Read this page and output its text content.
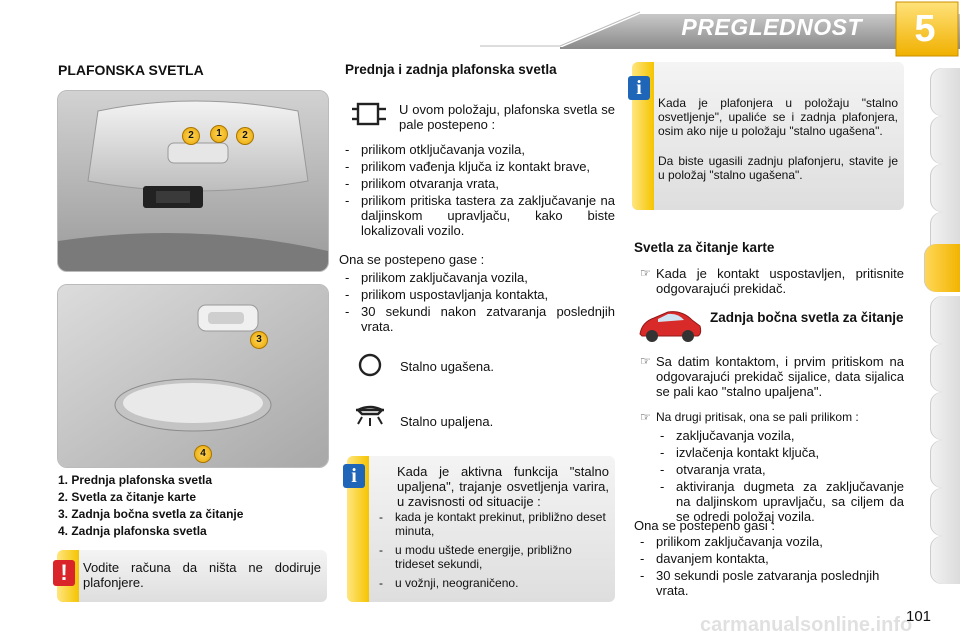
PREGLEDNOST	5
PLAFONSKA SVETLA
2	1	2
3
4
1. Prednja plafonska svetla
2. Svetla za čitanje karte
3. Zadnja bočna svetla za čitanje
4. Zadnja plafonska svetla
!	Vodite računa da ništa ne dodiruje plafonjere.
Prednja i zadnja plafonska svetla
U ovom položaju, plafonska svetla se pale postepeno :
- prilikom otključavanja vozila,
- prilikom vađenja ključa iz kontakt brave,
- prilikom otvaranja vrata,
- prilikom pritiska tastera za zaključavanje na daljinskom upravljaču, kako biste lokalizovali vozilo.
Ona se postepeno gase :
- prilikom zaključavanja vozila,
- prilikom uspostavljanja kontakta,
- 30 sekundi nakon zatvaranja poslednjih vrata.
Stalno ugašena.
Stalno upaljena.
i	Kada je aktivna funkcija "stalno upaljena", trajanje osvetljenja varira, u zavisnosti od situacije :
- kada je kontakt prekinut, približno deset minuta,
- u modu uštede energije, približno trideset sekundi,
- u vožnji, neograničeno.
i
Kada je plafonjera u položaju "stalno osvetljenje", upaliće se i zadnja plafonjera, osim ako nije u položaju "stalno ugašena".
Da biste ugasili zadnju plafonjeru, stavite je u položaj "stalno ugašena".
Svetla za čitanje karte
☞ Kada je kontakt uspostavljen, pritisnite odgovarajući prekidač.
Zadnja bočna svetla za čitanje
☞ Sa datim kontaktom, i prvim pritiskom na odgovarajući prekidač sijalice, data sijalica se pali kao "stalno upaljena".
☞ Na drugi pritisak, ona se pali prilikom :
- zaključavanja vozila,
- izvlačenja kontakt ključa,
- otvaranja vrata,
- aktiviranja dugmeta za zaključavanje na daljinskom upravljaču, sa ciljem da se odredi položaj vozila.
Ona se postepeno gasi :
- prilikom zaključavanja vozila,
- davanjem kontakta,
- 30 sekundi posle zatvaranja poslednjih vrata.
101
carmanualsonline.info
